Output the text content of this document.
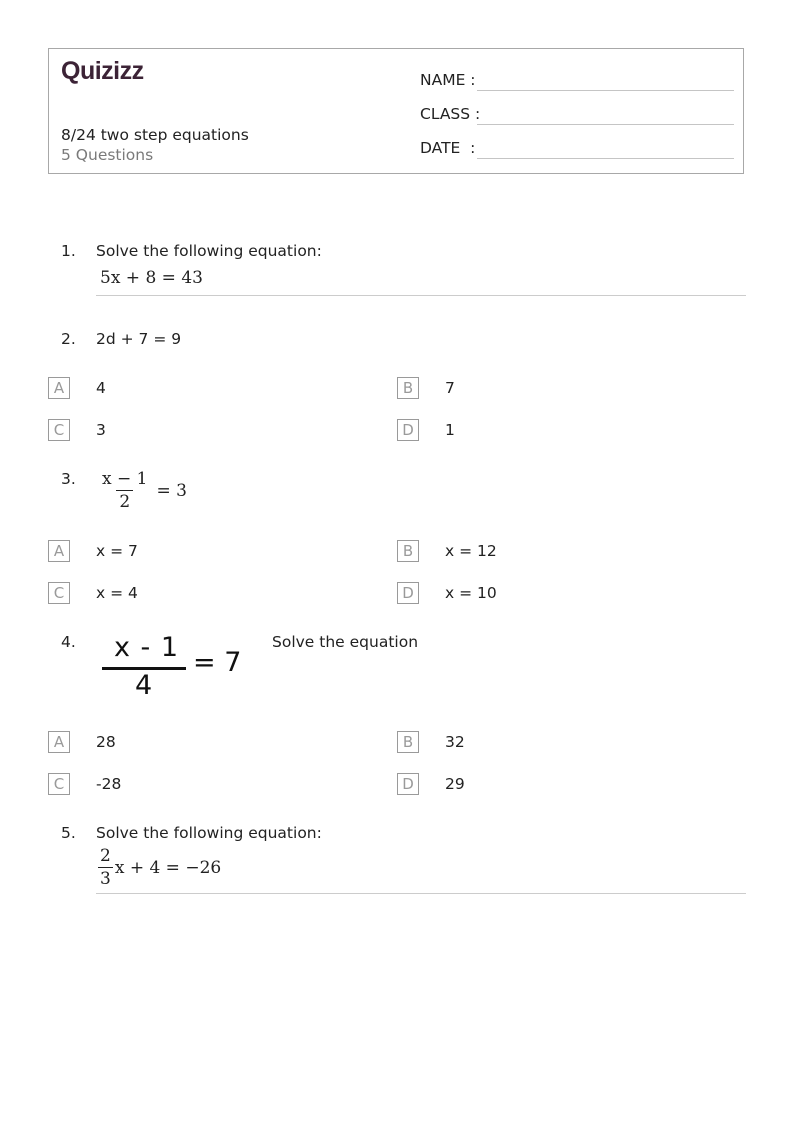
Quizizz
8/24 two step equations
5 Questions
NAME :
CLASS :
DATE  :
1. Solve the following equation:
5x + 8 = 43
2. 2d + 7 = 9
A	4	B	7
C	3	D	1
3. $\frac{x - 1}{2} = 3$
A	x = 7	B	x = 12
C	x = 4	D	x = 10
4. x - 1
4
= 7
Solve the equation
A	28	B	32
C	-28	D	29
5. Solve the following equation:
$\frac{2}{3}$ x + 4 = −26
